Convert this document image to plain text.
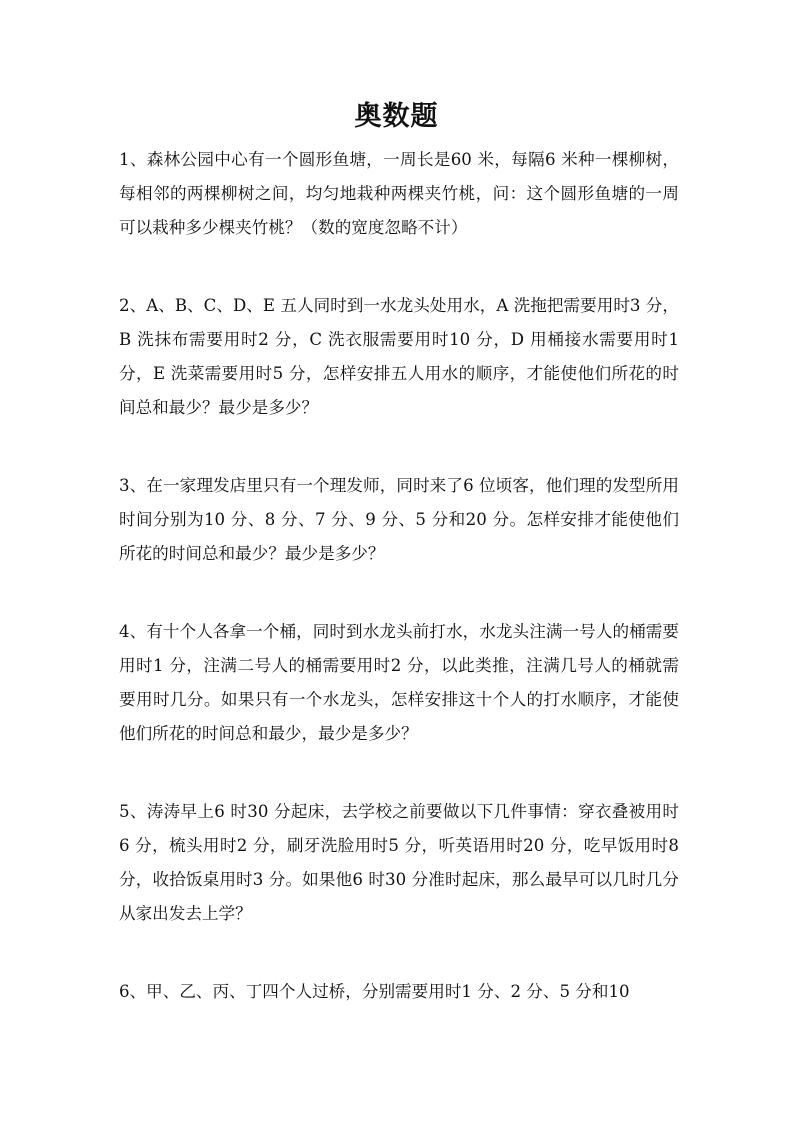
奥数题

1、森林公园中心有一个圆形鱼塘，一周长是60 米，每隔6 米种一棵柳树，每相邻的两棵柳树之间，均匀地栽种两棵夹竹桃，问：这个圆形鱼塘的一周可以栽种多少棵夹竹桃？（数的宽度忽略不计）

2、A、B、C、D、E 五人同时到一水龙头处用水，A 洗拖把需要用时3 分，B 洗抹布需要用时2 分，C 洗衣服需要用时10 分，D 用桶接水需要用时1 分，E 洗菜需要用时5 分，怎样安排五人用水的顺序，才能使他们所花的时间总和最少？最少是多少？

3、在一家理发店里只有一个理发师，同时来了6 位顷客，他们理的发型所用时间分别为10 分、8 分、7 分、9 分、5 分和20 分。怎样安排才能使他们所花的时间总和最少？最少是多少？

4、有十个人各拿一个桶，同时到水龙头前打水，水龙头注满一号人的桶需要用时1 分，注满二号人的桶需要用时2 分，以此类推，注满几号人的桶就需要用时几分。如果只有一个水龙头，怎样安排这十个人的打水顺序，才能使他们所花的时间总和最少，最少是多少？

5、涛涛早上6 时30 分起床，去学校之前要做以下几件事情：穿衣叠被用时6 分，梳头用时2 分，刷牙洗脸用时5 分，听英语用时20 分，吃早饭用时8 分，收拾饭桌用时3 分。如果他6 时30 分准时起床，那么最早可以几时几分从家出发去上学？

6、甲、乙、丙、丁四个人过桥，分别需要用时1 分、2 分、5 分和10
